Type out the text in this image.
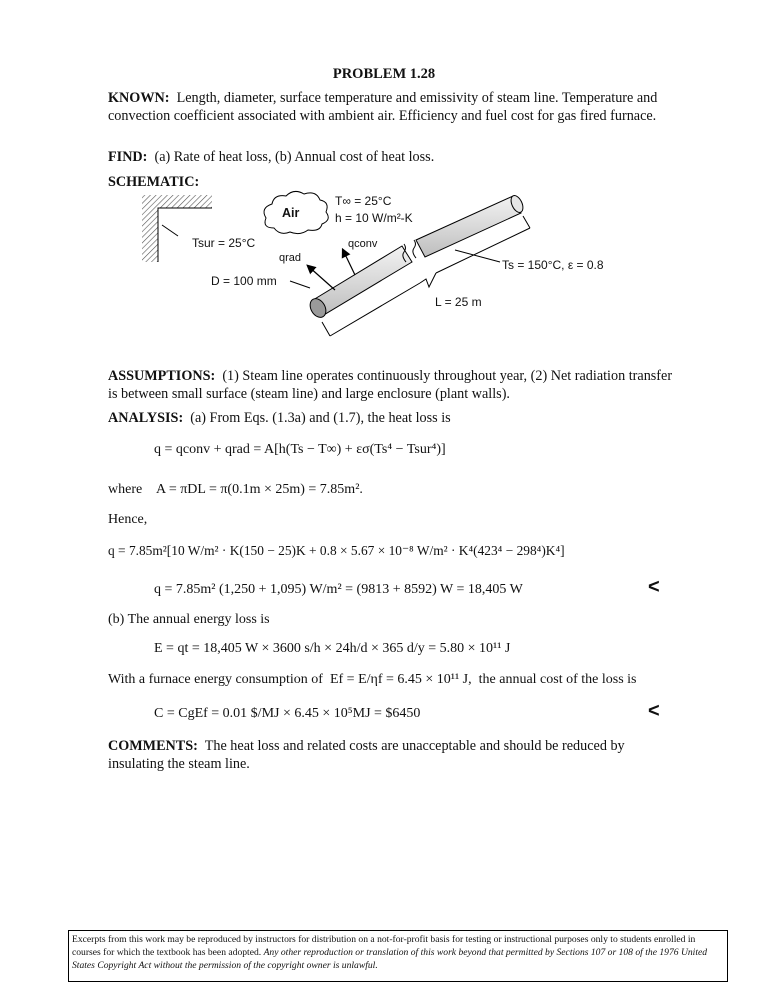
PROBLEM 1.28
KNOWN: Length, diameter, surface temperature and emissivity of steam line. Temperature and convection coefficient associated with ambient air. Efficiency and fuel cost for gas fired furnace.
FIND: (a) Rate of heat loss, (b) Annual cost of heat loss.
SCHEMATIC:
Air
T∞ = 25°C
h = 10 W/m²-K
Tsur = 25°C
qrad
qconv
Ts = 150°C, ε = 0.8
D = 100 mm
L = 25 m
ASSUMPTIONS: (1) Steam line operates continuously throughout year, (2) Net radiation transfer is between small surface (steam line) and large enclosure (plant walls).
ANALYSIS: (a) From Eqs. (1.3a) and (1.7), the heat loss is
q = qconv + qrad = A[h(Ts − T∞) + εσ(Ts⁴ − Tsur⁴)]
where A = πDL = π(0.1m × 25m) = 7.85m².
Hence,
q = 7.85m²[10 W/m² · K(150 − 25)K + 0.8 × 5.67 × 10⁻⁸ W/m² · K⁴(423⁴ − 298⁴)K⁴]
q = 7.85m² (1,250 + 1,095) W/m² = (9813 + 8592) W = 18,405 W	<
(b) The annual energy loss is
E = qt = 18,405 W × 3600 s/h × 24h/d × 365 d/y = 5.80 × 10¹¹ J
With a furnace energy consumption of Ef = E/ηf = 6.45 × 10¹¹ J, the annual cost of the loss is
C = CgEf = 0.01 $/MJ × 6.45 × 10⁵MJ = $6450	<
COMMENTS: The heat loss and related costs are unacceptable and should be reduced by insulating the steam line.
Excerpts from this work may be reproduced by instructors for distribution on a not-for-profit basis for testing or instructional purposes only to students enrolled in courses for which the textbook has been adopted. Any other reproduction or translation of this work beyond that permitted by Sections 107 or 108 of the 1976 United States Copyright Act without the permission of the copyright owner is unlawful.
